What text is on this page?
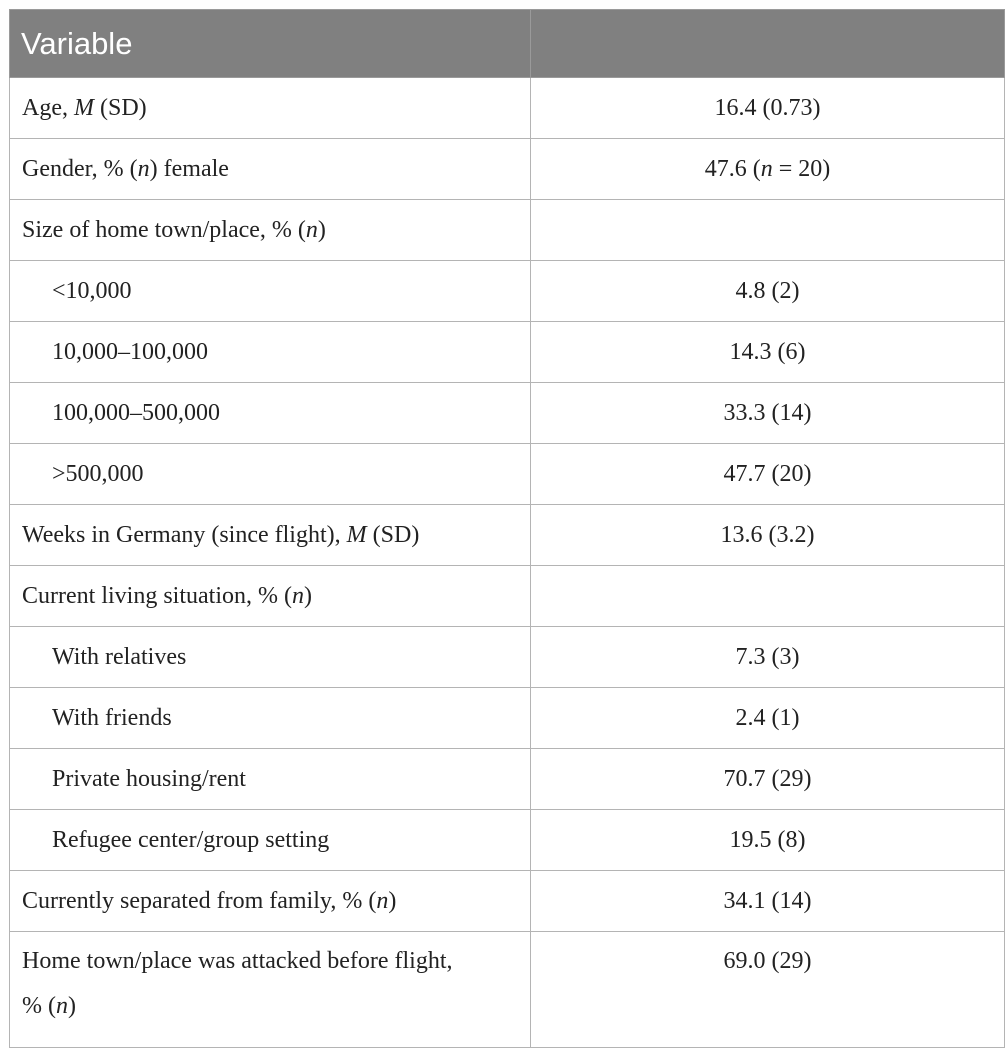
Variable	
Age, M (SD)	16.4 (0.73)
Gender, % (n) female	47.6 (n = 20)
Size of home town/place, % (n)	
<10,000	4.8 (2)
10,000–100,000	14.3 (6)
100,000–500,000	33.3 (14)
>500,000	47.7 (20)
Weeks in Germany (since flight), M (SD)	13.6 (3.2)
Current living situation, % (n)	
With relatives	7.3 (3)
With friends	2.4 (1)
Private housing/rent	70.7 (29)
Refugee center/group setting	19.5 (8)
Currently separated from family, % (n)	34.1 (14)
Home town/place was attacked before flight, % (n)	69.0 (29)
